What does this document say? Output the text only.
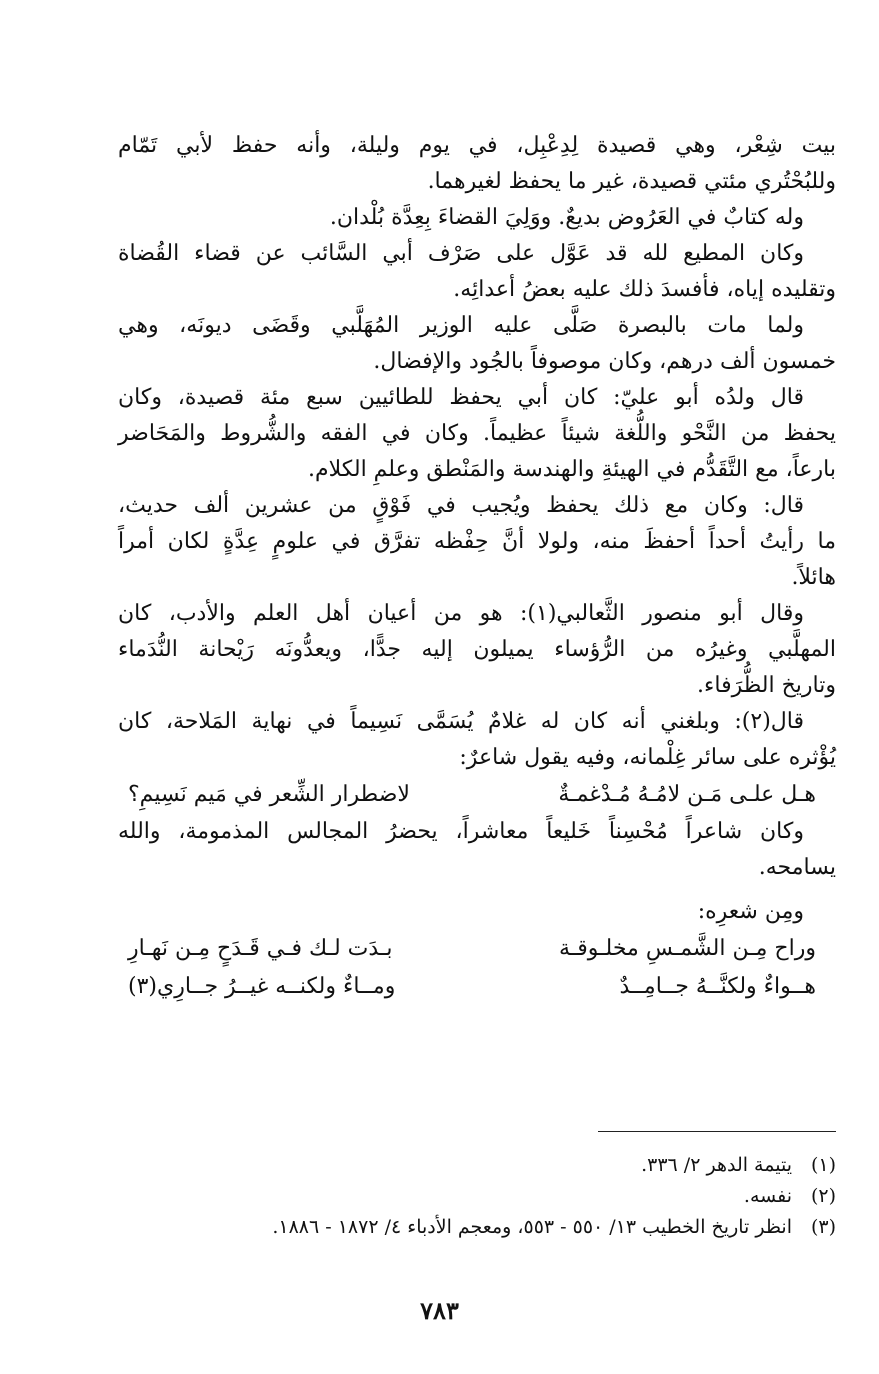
بيت شِعْر، وهي قصيدة لِدِعْبِل، في يوم وليلة، وأنه حفظ لأبي تَمّام
وللبُحْتُري مئتي قصيدة، غير ما يحفظ لغيرهما.
وله كتابٌ في العَرُوض بديعٌ. ووَلِيَ القضاءَ بِعِدَّة بُلْدان.
وكان المطيع لله قد عَوَّل على صَرْف أبي السَّائب عن قضاء القُضاة
وتقليده إياه، فأفسدَ ذلك عليه بعضُ أعدائِه.
ولما مات بالبصرة صَلَّى عليه الوزير المُهَلَّبي وقَضَى ديونَه، وهي
خمسون ألف درهم، وكان موصوفاً بالجُود والإفضال.
قال ولدُه أبو عليّ: كان أبي يحفظ للطائيين سبع مئة قصيدة، وكان
يحفظ من النَّحْو واللُّغة شيئاً عظيماً. وكان في الفقه والشُّروط والمَحَاضر
بارعاً، مع التَّقَدُّم في الهيئةِ والهندسة والمَنْطق وعلمِ الكلام.
قال: وكان مع ذلك يحفظ ويُجيب في فَوْقٍ من عشرين ألف حديث،
ما رأيتُ أحداً أحفظَ منه، ولولا أنَّ حِفْظه تفرَّق في علومٍ عِدَّةٍ لكان أمراً
هائلاً.
وقال أبو منصور الثَّعالبي(١): هو من أعيان أهل العلم والأدب، كان
المهلَّبي وغيرُه من الرُّؤساء يميلون إليه جدًّا، ويعدُّونَه رَيْحانة النُّدَماء
وتاريخ الظُّرَفاء.
قال(٢): وبلغني أنه كان له غلامٌ يُسَمَّى نَسِيماً في نهاية المَلاحة، كان
يُؤْثره على سائر غِلْمانه، وفيه يقول شاعرٌ:
هـل علـى مَـن لامُـهُ مُـدْغمـةٌ
لاضطرار الشِّعر في مَيم نَسِيمِ؟
وكان شاعراً مُحْسِناً خَليعاً معاشراً، يحضرُ المجالس المذمومة، والله
يسامحه.
ومِن شعرِه:
وراح مِـن الشَّمـسِ مخلـوقـة
بـدَت لـك فـي قَـدَحٍ مِـن نَهـارِ
هــواءٌ ولكنَّــهُ جــامِــدٌ
ومــاءٌ ولكنــه غيــرُ جــارِي(٣)
(١)يتيمة الدهر ٢/ ٣٣٦.
(٢)نفسه.
(٣)انظر تاريخ الخطيب ١٣/ ٥٥٠ - ٥٥٣، ومعجم الأدباء ٤/ ١٨٧٢ - ١٨٨٦.
٧٨٣
